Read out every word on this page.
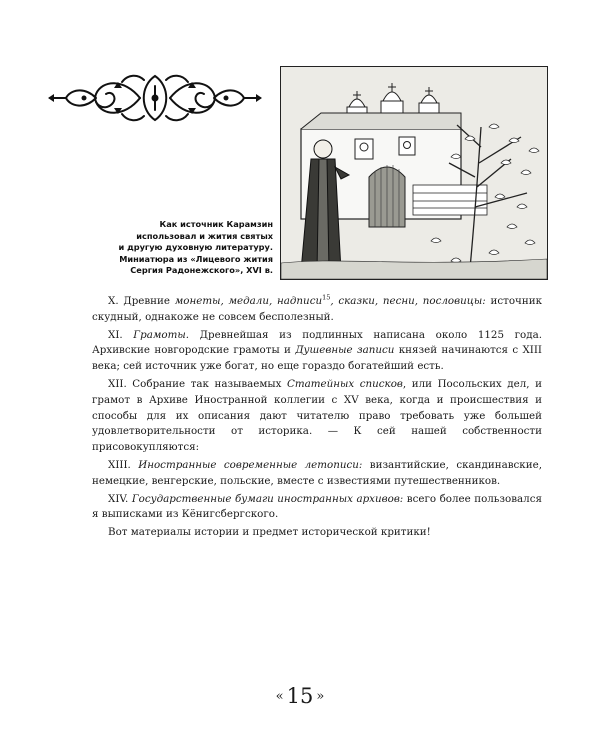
Как источник Карамзин
использовал и жития святых
и другую духовную литературу.
Миниатюра из «Лицевого жития
Сергия Радонежского», XVI в.

X. Древние монеты, медали, надписи$^{15}$, сказки, песни, пословицы: источник скудный, однакоже не совсем бесполезный.

XI. Грамоты. Древнейшая из подлинных написана около 1125 года. Архивские новгородские грамоты и Душевные записи князей начинаются с XIII века; сей источник уже богат, но еще гораздо богатейший есть.

XII. Собрание так называемых Статейных списков, или Посольских дел, и грамот в Архиве Иностранной коллегии с XV века, когда и происшествия и способы для их описания дают читателю право требовать уже большей удовлетворительности от историка. — К сей нашей собственности присовокупляются:

XIII. Иностранные современные летописи: византийские, скандинавские, немецкие, венгерские, польские, вместе с известиями путешественников.

XIV. Государственные бумаги иностранных архивов: всего более пользовался я выписками из Кёнигсбергского.

Вот материалы истории и предмет исторической критики!

« 15 »
